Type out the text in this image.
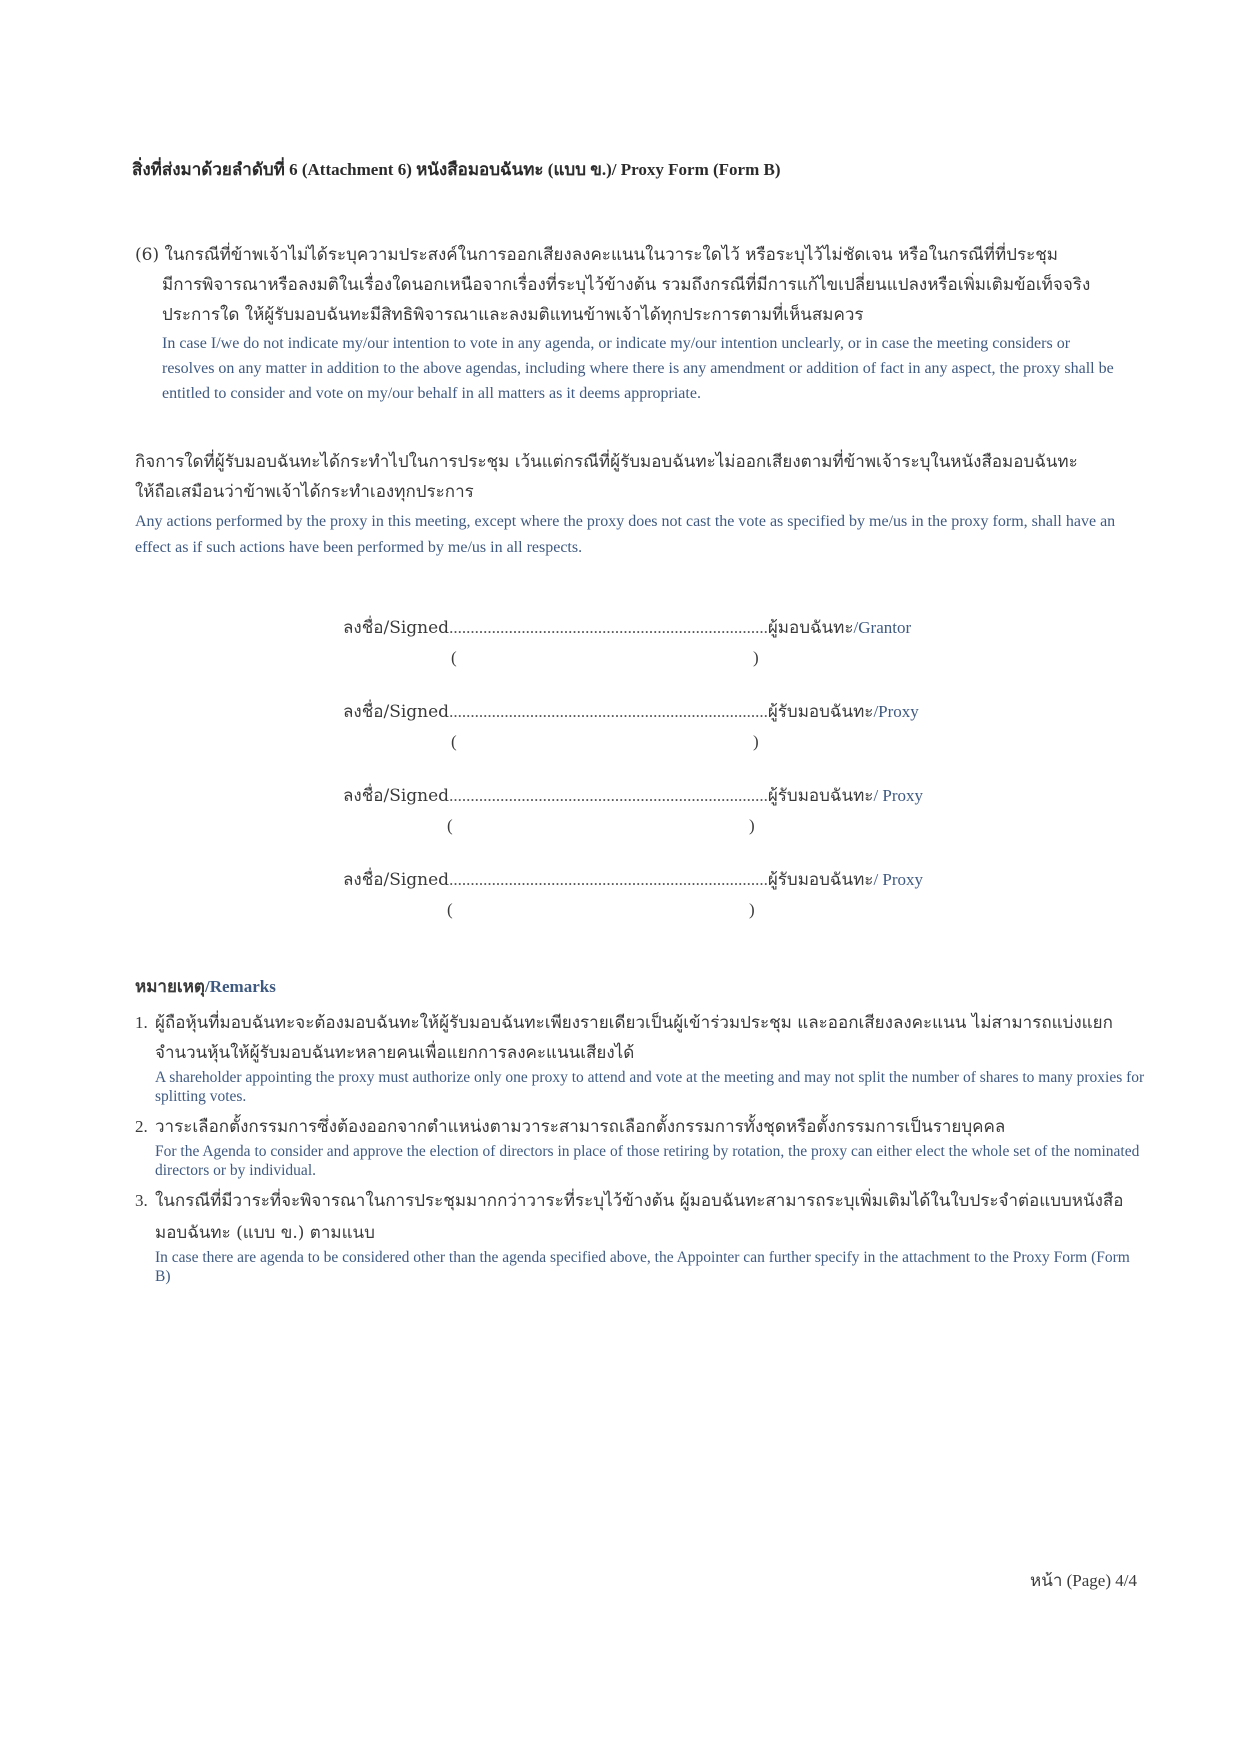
สิ่งที่ส่งมาด้วยลำดับที่ 6 (Attachment 6) หนังสือมอบฉันทะ (แบบ ข.)/ Proxy Form (Form B)
(6) ในกรณีที่ข้าพเจ้าไม่ได้ระบุความประสงค์ในการออกเสียงลงคะแนนในวาระใดไว้ หรือระบุไว้ไม่ชัดเจน หรือในกรณีที่ที่ประชุม
มีการพิจารณาหรือลงมติในเรื่องใดนอกเหนือจากเรื่องที่ระบุไว้ข้างต้น รวมถึงกรณีที่มีการแก้ไขเปลี่ยนแปลงหรือเพิ่มเติมข้อเท็จจริง
ประการใด ให้ผู้รับมอบฉันทะมีสิทธิพิจารณาและลงมติแทนข้าพเจ้าได้ทุกประการตามที่เห็นสมควร
In case I/we do not indicate my/our intention to vote in any agenda, or indicate my/our intention unclearly, or in case the meeting considers or resolves on any matter in addition to the above agendas, including where there is any amendment or addition of fact in any aspect, the proxy shall be entitled to consider and vote on my/our behalf in all matters as it deems appropriate.
กิจการใดที่ผู้รับมอบฉันทะได้กระทำไปในการประชุม เว้นแต่กรณีที่ผู้รับมอบฉันทะไม่ออกเสียงตามที่ข้าพเจ้าระบุในหนังสือมอบฉันทะ
ให้ถือเสมือนว่าข้าพเจ้าได้กระทำเองทุกประการ
Any actions performed by the proxy in this meeting, except where the proxy does not cast the vote as specified by me/us in the proxy form, shall have an effect as if such actions have been performed by me/us in all respects.
ลงชื่อ/Signed...........................................................................ผู้มอบฉันทะ/Grantor
(	)
ลงชื่อ/Signed...........................................................................ผู้รับมอบฉันทะ/Proxy
(	)
ลงชื่อ/Signed...........................................................................ผู้รับมอบฉันทะ/ Proxy
(	)
ลงชื่อ/Signed...........................................................................ผู้รับมอบฉันทะ/ Proxy
(	)
หมายเหตุ/Remarks
1. ผู้ถือหุ้นที่มอบฉันทะจะต้องมอบฉันทะให้ผู้รับมอบฉันทะเพียงรายเดียวเป็นผู้เข้าร่วมประชุม และออกเสียงลงคะแนน ไม่สามารถแบ่งแยก
จำนวนหุ้นให้ผู้รับมอบฉันทะหลายคนเพื่อแยกการลงคะแนนเสียงได้
A shareholder appointing the proxy must authorize only one proxy to attend and vote at the meeting and may not split the number of shares to many proxies for splitting votes.
2. วาระเลือกตั้งกรรมการซึ่งต้องออกจากตำแหน่งตามวาระสามารถเลือกตั้งกรรมการทั้งชุดหรือตั้งกรรมการเป็นรายบุคคล
For the Agenda to consider and approve the election of directors in place of those retiring by rotation, the proxy can either elect the whole set of the nominated directors or by individual.
3. ในกรณีที่มีวาระที่จะพิจารณาในการประชุมมากกว่าวาระที่ระบุไว้ข้างต้น ผู้มอบฉันทะสามารถระบุเพิ่มเติมได้ในใบประจำต่อแบบหนังสือ
มอบฉันทะ (แบบ ข.) ตามแนบ
In case there are agenda to be considered other than the agenda specified above, the Appointer can further specify in the attachment to the Proxy Form (Form B)
หน้า (Page) 4/4
